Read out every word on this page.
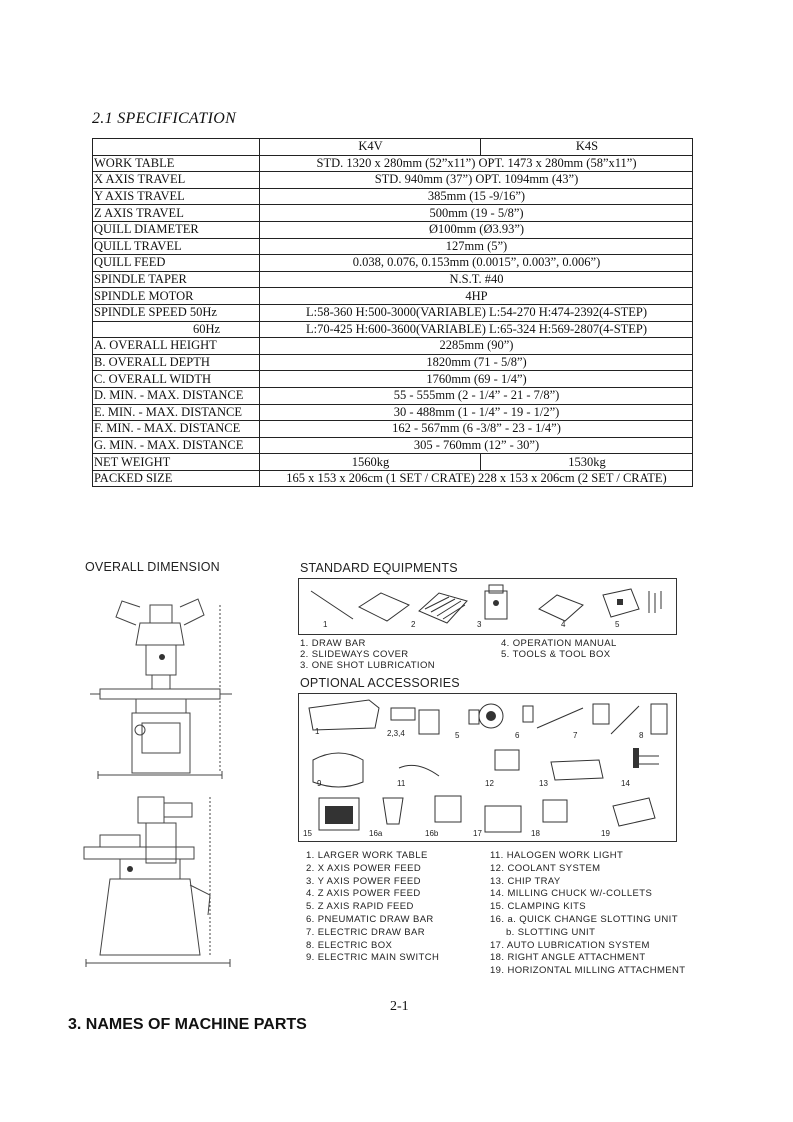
2.1 SPECIFICATION
	K4V	K4S
WORK TABLE	STD. 1320 x 280mm (52”x11”) OPT. 1473 x 280mm (58”x11”)	
X AXIS TRAVEL	STD. 940mm (37”) OPT. 1094mm (43”)	
Y AXIS TRAVEL	385mm (15 -9/16”)	
Z AXIS TRAVEL	500mm (19 - 5/8”)	
QUILL DIAMETER	Ø100mm (Ø3.93”)	
QUILL TRAVEL	127mm (5”)	
QUILL FEED	0.038, 0.076, 0.153mm (0.0015”, 0.003”, 0.006”)	
SPINDLE TAPER	N.S.T. #40	
SPINDLE MOTOR	4HP	
SPINDLE SPEED 50Hz	L:58-360 H:500-3000(VARIABLE) L:54-270 H:474-2392(4-STEP)	
60Hz	L:70-425 H:600-3600(VARIABLE) L:65-324 H:569-2807(4-STEP)	
A. OVERALL HEIGHT	2285mm (90”)	
B. OVERALL DEPTH	1820mm (71 - 5/8”)	
C. OVERALL WIDTH	1760mm (69 - 1/4”)	
D. MIN. - MAX. DISTANCE	55 - 555mm (2 - 1/4” - 21 - 7/8”)	
E. MIN. - MAX. DISTANCE	30 - 488mm (1 - 1/4” - 19 - 1/2”)	
F. MIN. - MAX. DISTANCE	162 - 567mm (6 -3/8” - 23 - 1/4”)	
G. MIN. - MAX. DISTANCE	305 - 760mm (12” - 30”)	
NET WEIGHT	1560kg	1530kg
PACKED SIZE	165 x 153 x 206cm (1 SET / CRATE) 228 x 153 x 206cm (2 SET / CRATE)	
OVERALL DIMENSION	STANDARD EQUIPMENTS
1	2	3	4	5
1. DRAW BAR
2. SLIDEWAYS COVER
3. ONE SHOT LUBRICATION
4. OPERATION MANUAL
5. TOOLS & TOOL BOX
OPTIONAL ACCESSORIES
1	2,3,4	5	6	7	8
9	11	12	13	14
15	16a	16b	17	18	19
1. LARGER WORK TABLE
2. X AXIS POWER FEED
3. Y AXIS POWER FEED
4. Z AXIS POWER FEED
5. Z AXIS RAPID FEED
6. PNEUMATIC DRAW BAR
7. ELECTRIC DRAW BAR
8. ELECTRIC BOX
9. ELECTRIC MAIN SWITCH
11. HALOGEN WORK LIGHT
12. COOLANT SYSTEM
13. CHIP TRAY
14. MILLING CHUCK W/-COLLETS
15. CLAMPING KITS
16. a. QUICK CHANGE SLOTTING UNIT
b. SLOTTING UNIT
17. AUTO LUBRICATION SYSTEM
18. RIGHT ANGLE ATTACHMENT
19. HORIZONTAL MILLING ATTACHMENT
2-1
3. NAMES OF MACHINE PARTS
